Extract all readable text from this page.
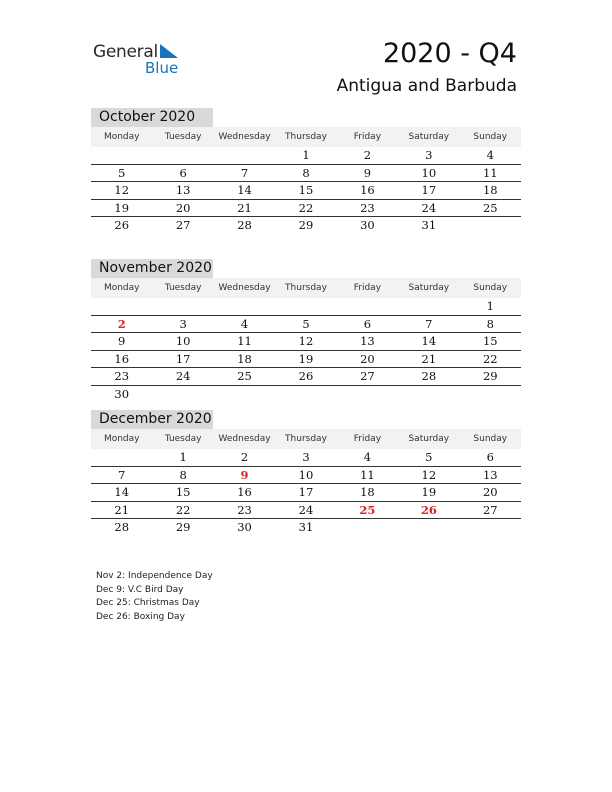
General
Blue	2020 - Q4
Antigua and Barbuda
October 2020
Monday	Tuesday	Wednesday	Thursday	Friday	Saturday	Sunday
			1	2	3	4
5	6	7	8	9	10	11
12	13	14	15	16	17	18
19	20	21	22	23	24	25
26	27	28	29	30	31	
November 2020
Monday	Tuesday	Wednesday	Thursday	Friday	Saturday	Sunday
						1
2	3	4	5	6	7	8
9	10	11	12	13	14	15
16	17	18	19	20	21	22
23	24	25	26	27	28	29
30						
December 2020
Monday	Tuesday	Wednesday	Thursday	Friday	Saturday	Sunday
	1	2	3	4	5	6
7	8	9	10	11	12	13
14	15	16	17	18	19	20
21	22	23	24	25	26	27
28	29	30	31			
Nov 2: Independence Day
Dec 9: V.C Bird Day
Dec 25: Christmas Day
Dec 26: Boxing Day
